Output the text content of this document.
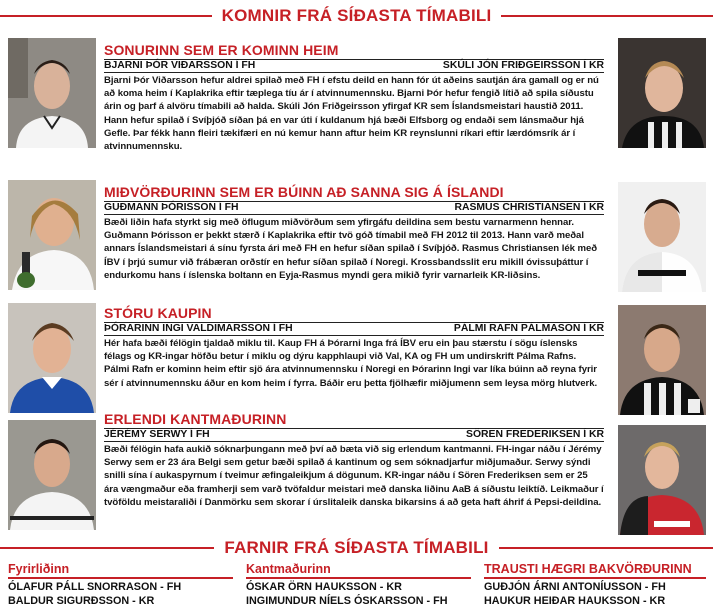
KOMNIR FRÁ SÍÐASTA TÍMABILI
SONURINN SEM ER KOMINN HEIM
BJARNI ÞÓR VIÐARSSON Í FH	SKÚLI JÓN FRIÐGEIRSSON Í KR

Bjarni Þór Viðarsson hefur aldrei spilað með FH í efstu deild en hann fór út aðeins sautján ára gamall og er nú að koma heim í Kaplakrika eftir tæplega tíu ár í atvinnumennsku. Bjarni Þór hefur fengið lítið að spila síðustu árin og þarf á alvöru tímabili að halda. Skúli Jón Friðgeirsson yfirgaf KR sem Íslandsmeistari haustið 2011. Hann hefur spilað í Svíþjóð síðan þá en var úti í kuldanum hjá bæði Elfsborg og endaði sem lánsmaður hjá Gefle. Þar fékk hann fleiri tækifæri en nú kemur hann aftur heim KR reynslunni ríkari eftir lærdómsrík ár í atvinnumennsku.

MIÐVÖRÐURINN SEM ER BÚINN AÐ SANNA SIG Á ÍSLANDI
GUÐMANN ÞÓRISSON Í FH	RASMUS CHRISTIANSEN Í KR

Bæði liðin hafa styrkt sig með öflugum miðvörðum sem yfirgáfu deildina sem bestu varnarmenn hennar. Guðmann Þórisson er þekkt stærð í Kaplakrika eftir tvö góð tímabil með FH 2012 til 2013. Hann varð meðal annars Íslandsmeistari á sínu fyrsta ári með FH en hefur síðan spilað í Svíþjóð. Rasmus Christiansen lék með ÍBV í þrjú sumur við frábæran orðstír en hefur síðan spilað í Noregi. Krossbandsslit eru mikill óvissuþáttur í endurkomu hans í íslenska boltann en Eyja-Rasmus myndi gera mikið fyrir varnarleik KR-liðsins.

STÓRU KAUPIN
ÞÓRARINN INGI VALDIMARSSON Í FH	PÁLMI RAFN PÁLMASON Í KR

Hér hafa bæði félögin tjaldað miklu til. Kaup FH á Þórarni Inga frá ÍBV eru ein þau stærstu í sögu íslensks félags og KR-ingar höfðu betur í miklu og dýru kapphlaupi við Val, KA og FH um undirskrift Pálma Rafns. Pálmi Rafn er kominn heim eftir sjö ára atvinnumennsku í Noregi en Þórarinn Ingi var líka búinn að reyna fyrir sér í atvinnumennsku áður en kom heim í fyrra. Báðir eru þetta fjölhæfir miðjumenn sem leysa mörg hlutverk.

ERLENDI KANTMAÐURINN
JÉRÉMY SERWY Í FH	SÖREN FREDERIKSEN Í KR

Bæði félögin hafa aukið sóknarþungann með því að bæta við sig erlendum kantmanni. FH-ingar náðu í Jérémy Serwy sem er 23 ára Belgi sem getur bæði spilað á kantinum og sem sóknadjarfur miðjumaður. Serwy sýndi snilli sína í aukaspyrnum í tveimur æfingaleikjum á dögunum. KR-ingar náðu í Sören Frederiksen sem er 25 ára vængmaður eða framherji sem varð tvöfaldur meistari með danska liðinu AaB á síðustu leiktíð. Leikmaður í tvöföldu meistaraliði í Danmörku sem skorar í úrslitaleik danska bikarsins á að geta haft áhrif á Pepsi-deildina.

FARNIR FRÁ SÍÐASTA TÍMABILI
Fyrirliðinn
ÓLAFUR PÁLL SNORRASON - FH
BALDUR SIGURÐSSON - KR
Kantmaðurinn
ÓSKAR ÖRN HAUKSSON - KR
INGIMUNDUR NÍELS ÓSKARSSON - FH
TRAUSTI HÆGRI BAKVÖRÐURINN
GUÐJÓN ÁRNI ANTONÍUSSON - FH
HAUKUR HEIÐAR HAUKSSON - KR
